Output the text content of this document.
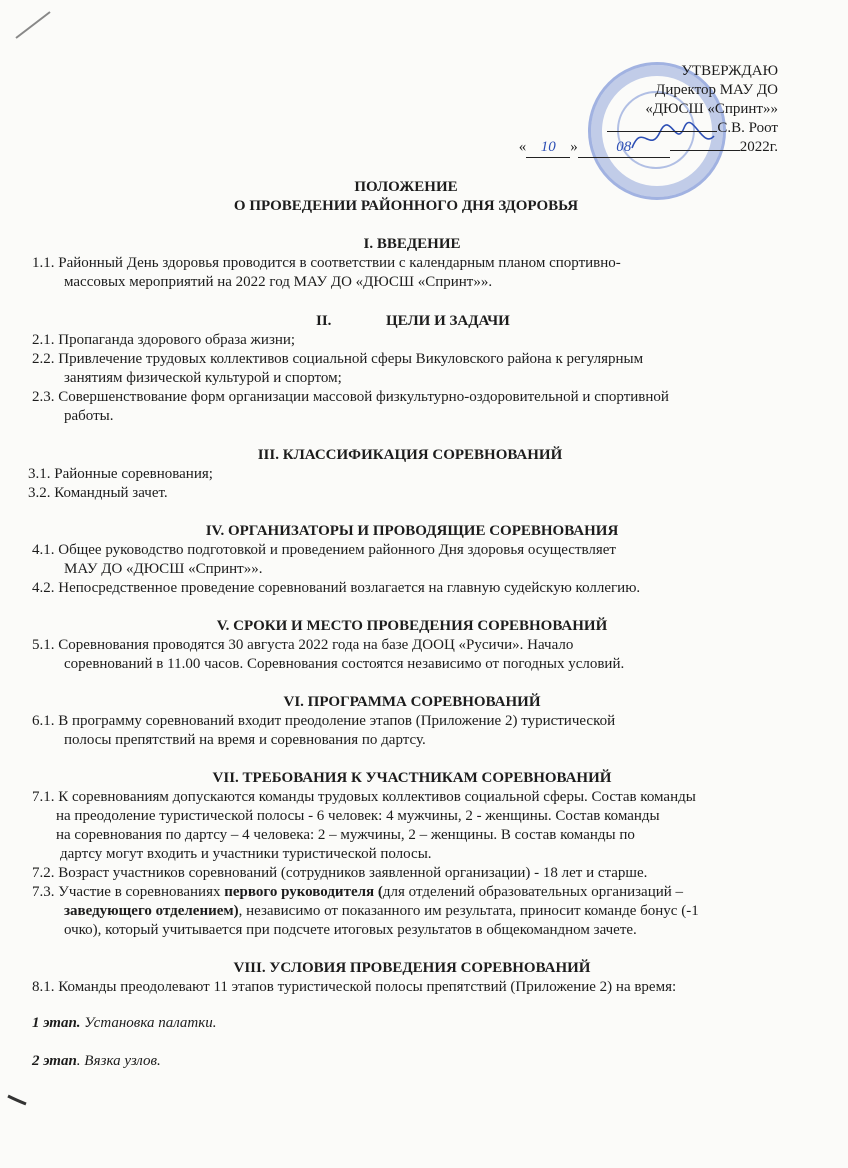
УТВЕРЖДАЮ
Директор МАУ ДО
«ДЮСШ «Спринт»»
С.В. Роот
« 10 »	08	2022г.
ПОЛОЖЕНИЕ
О ПРОВЕДЕНИИ РАЙОННОГО ДНЯ ЗДОРОВЬЯ
I. ВВЕДЕНИЕ
1.1. Районный День здоровья проводится в соответствии с календарным планом спортивно-
массовых мероприятий на 2022 год МАУ ДО «ДЮСШ «Спринт»».
II.	ЦЕЛИ И ЗАДАЧИ
2.1. Пропаганда здорового образа жизни;
2.2. Привлечение трудовых коллективов социальной сферы Викуловского района к регулярным
занятиям физической культурой и спортом;
2.3. Совершенствование форм организации массовой физкультурно-оздоровительной и спортивной
работы.
III. КЛАССИФИКАЦИЯ СОРЕВНОВАНИЙ
3.1. Районные соревнования;
3.2. Командный зачет.
IV. ОРГАНИЗАТОРЫ И ПРОВОДЯЩИЕ СОРЕВНОВАНИЯ
4.1. Общее руководство подготовкой и проведением районного Дня здоровья осуществляет
МАУ ДО «ДЮСШ «Спринт»».
4.2. Непосредственное проведение соревнований возлагается на главную судейскую коллегию.
V. СРОКИ И МЕСТО ПРОВЕДЕНИЯ СОРЕВНОВАНИЙ
5.1. Соревнования проводятся 30 августа 2022 года на базе ДООЦ «Русичи». Начало
соревнований в 11.00 часов. Соревнования состоятся независимо от погодных условий.
VI. ПРОГРАММА СОРЕВНОВАНИЙ
6.1. В программу соревнований входит преодоление этапов (Приложение 2) туристической
полосы препятствий на время и соревнования по дартсу.
VII. ТРЕБОВАНИЯ К УЧАСТНИКАМ СОРЕВНОВАНИЙ
7.1. К соревнованиям допускаются команды трудовых коллективов социальной сферы. Состав команды
на преодоление туристической полосы - 6 человек: 4 мужчины, 2 - женщины. Состав команды
на соревнования по дартсу – 4 человека: 2 – мужчины, 2 – женщины. В состав команды по
дартсу могут входить и участники туристической полосы.
7.2. Возраст участников соревнований (сотрудников заявленной организации) - 18 лет и старше.
7.3. Участие в соревнованиях первого руководителя (для отделений образовательных организаций –
заведующего отделением), независимо от показанного им результата, приносит команде бонус (-1
очко), который учитывается при подсчете итоговых результатов в общекомандном зачете.
VIII. УСЛОВИЯ ПРОВЕДЕНИЯ СОРЕВНОВАНИЙ
8.1. Команды преодолевают 11 этапов туристической полосы препятствий (Приложение 2) на время:
1 этап. Установка палатки.
2 этап. Вязка узлов.
